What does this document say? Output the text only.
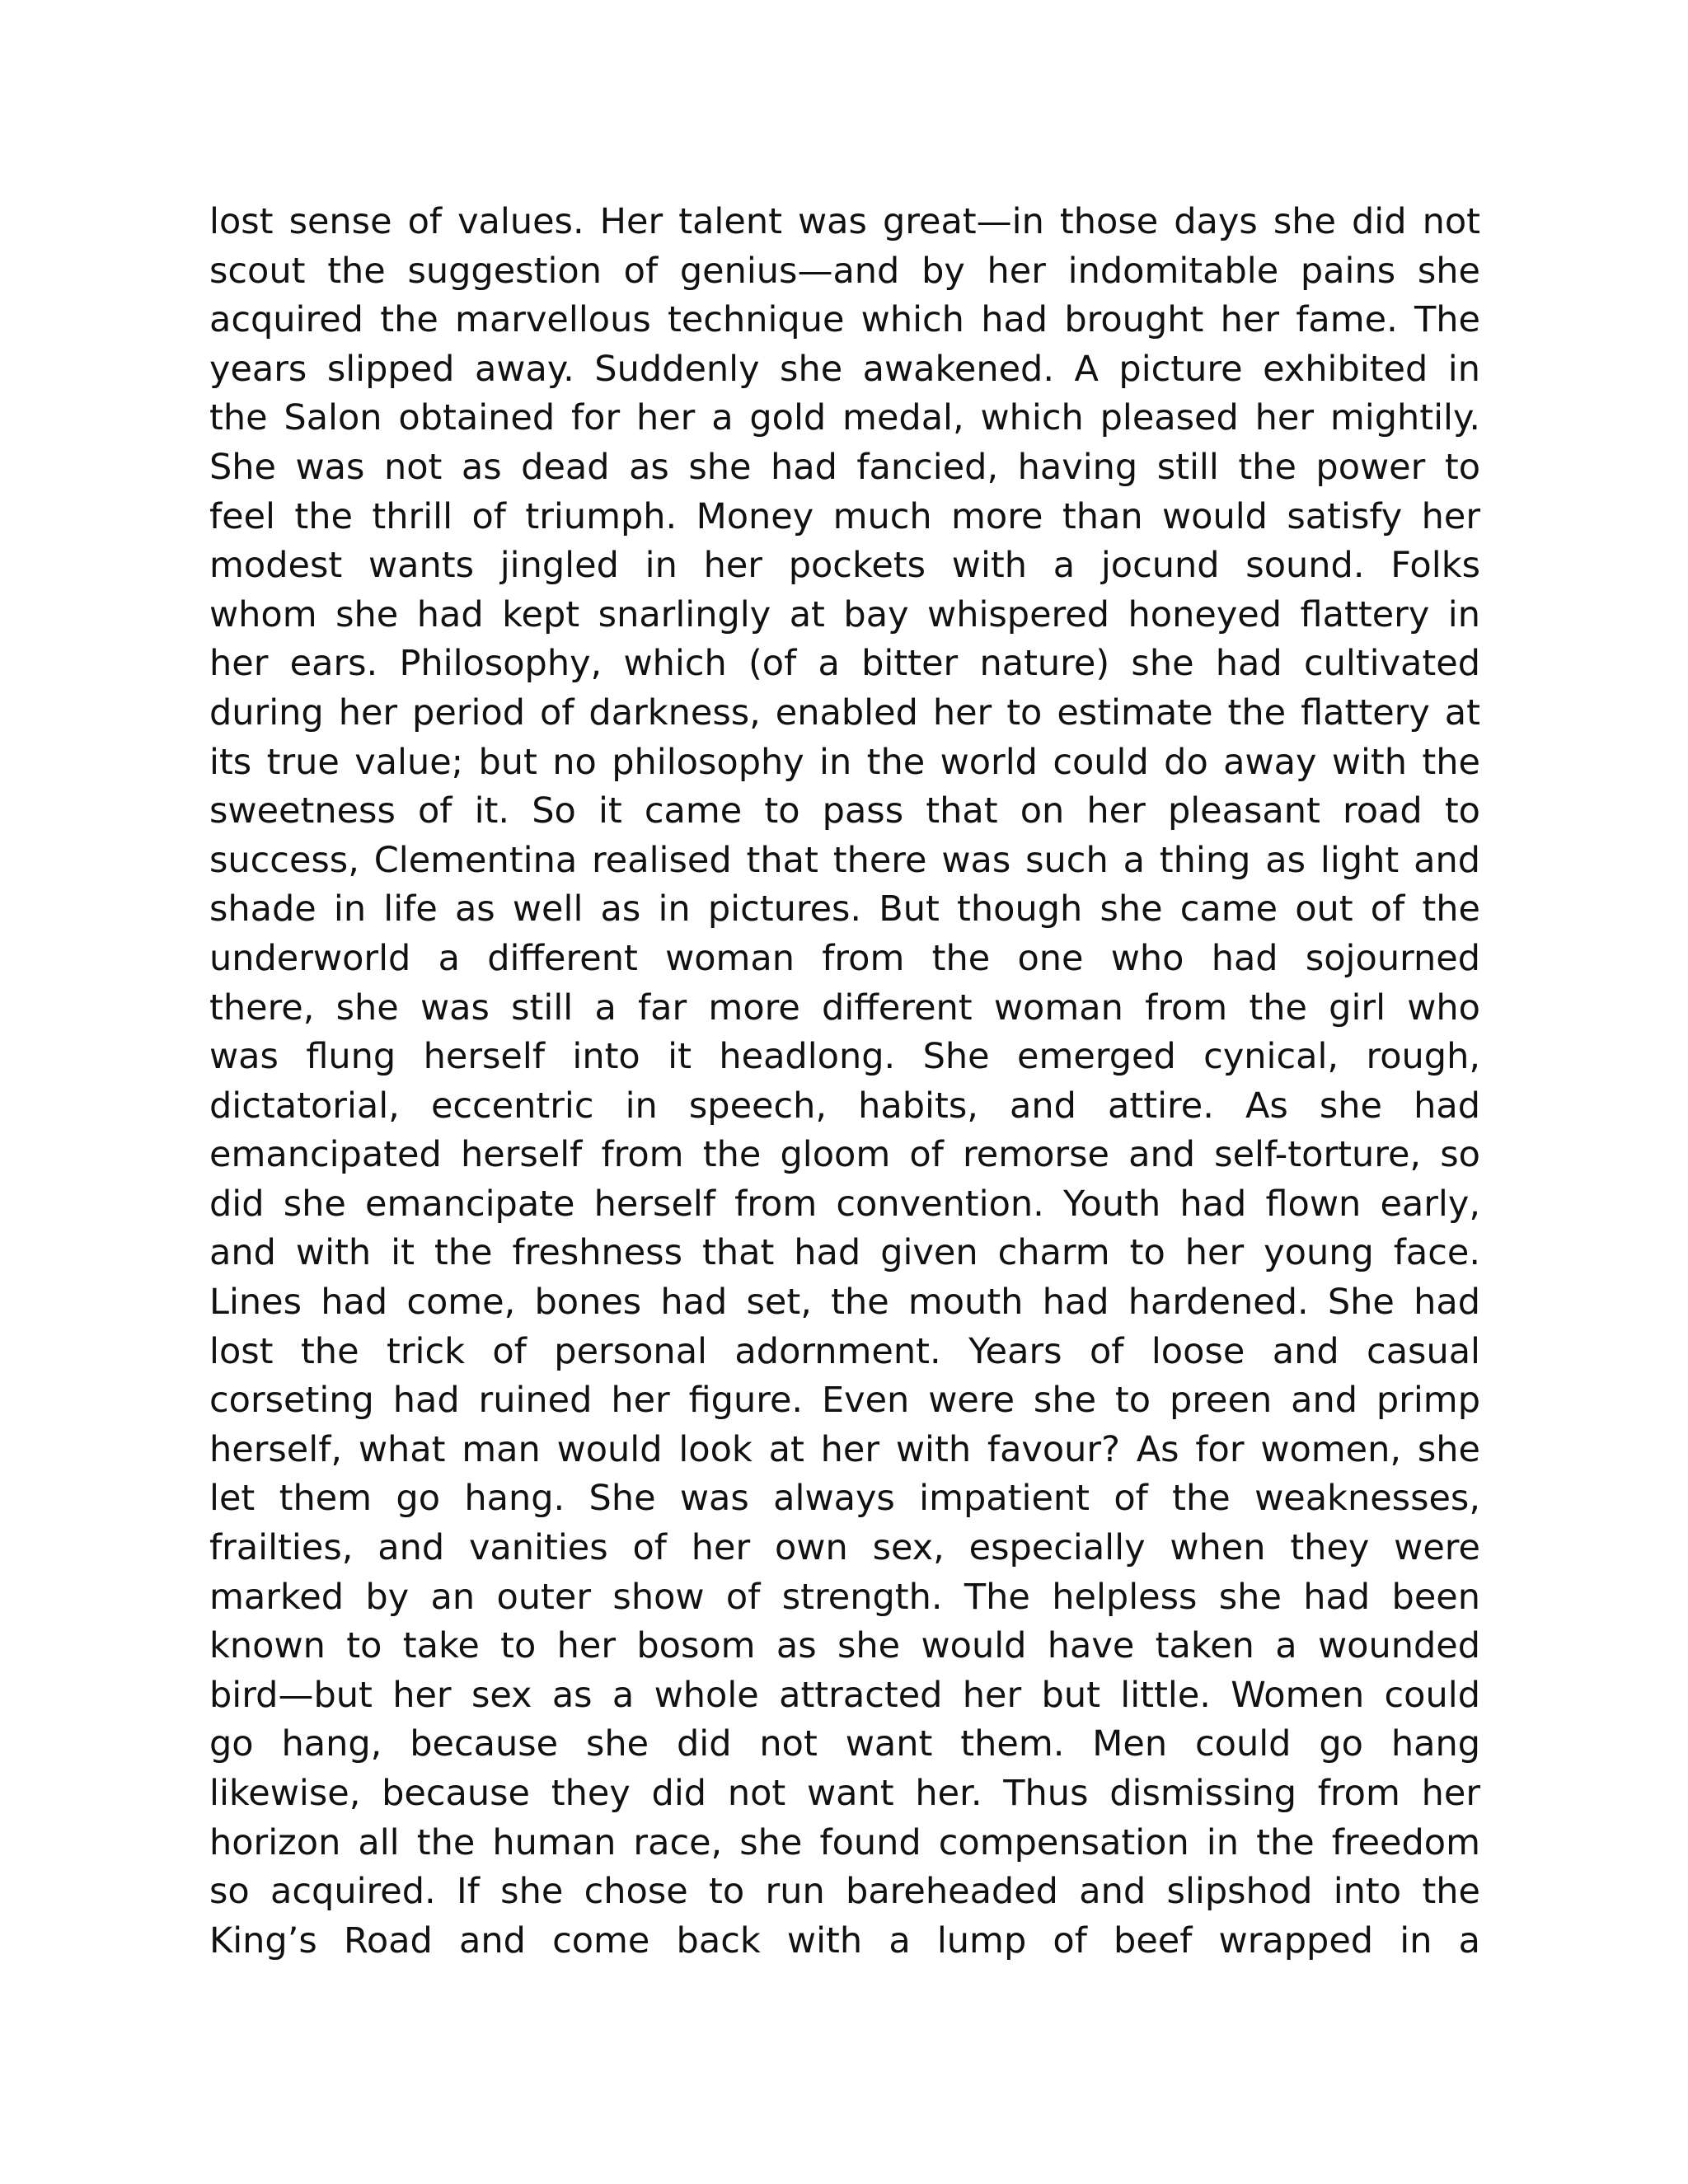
lost sense of values. Her talent was great—in those days she did not
scout the suggestion of genius—and by her indomitable pains she
acquired the marvellous technique which had brought her fame. The
years slipped away. Suddenly she awakened. A picture exhibited in
the Salon obtained for her a gold medal, which pleased her mightily.
She was not as dead as she had fancied, having still the power to
feel the thrill of triumph. Money much more than would satisfy her
modest wants jingled in her pockets with a jocund sound. Folks
whom she had kept snarlingly at bay whispered honeyed flattery in
her ears. Philosophy, which (of a bitter nature) she had cultivated
during her period of darkness, enabled her to estimate the flattery at
its true value; but no philosophy in the world could do away with the
sweetness of it. So it came to pass that on her pleasant road to
success, Clementina realised that there was such a thing as light and
shade in life as well as in pictures. But though she came out of the
underworld a different woman from the one who had sojourned
there, she was still a far more different woman from the girl who
was flung herself into it headlong. She emerged cynical, rough,
dictatorial, eccentric in speech, habits, and attire. As she had
emancipated herself from the gloom of remorse and self-torture, so
did she emancipate herself from convention. Youth had flown early,
and with it the freshness that had given charm to her young face.
Lines had come, bones had set, the mouth had hardened. She had
lost the trick of personal adornment. Years of loose and casual
corseting had ruined her figure. Even were she to preen and primp
herself, what man would look at her with favour? As for women, she
let them go hang. She was always impatient of the weaknesses,
frailties, and vanities of her own sex, especially when they were
marked by an outer show of strength. The helpless she had been
known to take to her bosom as she would have taken a wounded
bird—but her sex as a whole attracted her but little. Women could
go hang, because she did not want them. Men could go hang
likewise, because they did not want her. Thus dismissing from her
horizon all the human race, she found compensation in the freedom
so acquired. If she chose to run bareheaded and slipshod into the
King’s Road and come back with a lump of beef wrapped in a
